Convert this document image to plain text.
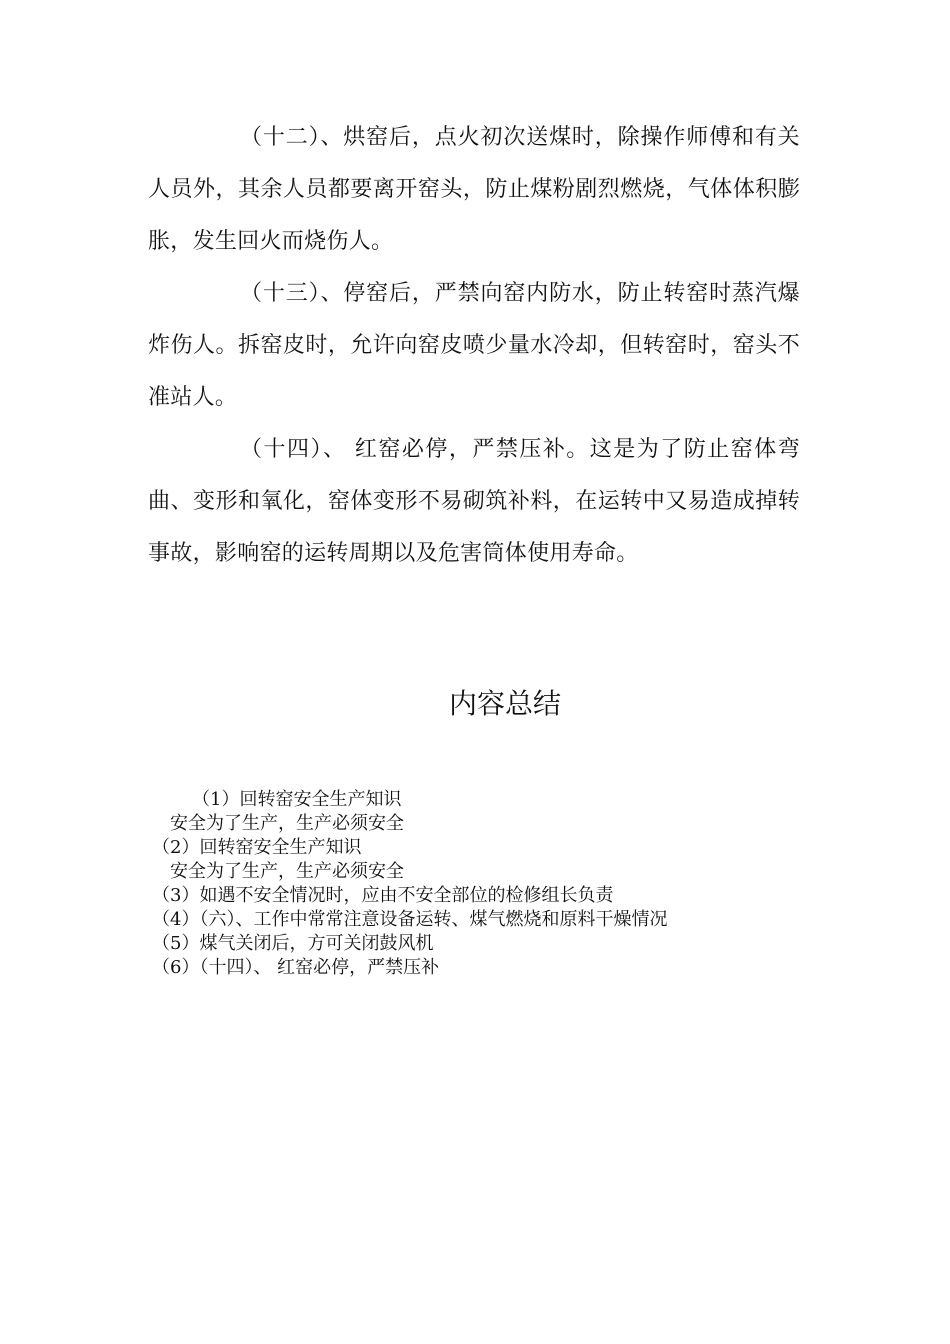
（十二）、烘窑后，点火初次送煤时，除操作师傅和有关人员外，其余人员都要离开窑头，防止煤粉剧烈燃烧，气体体积膨胀，发生回火而烧伤人。

（十三）、停窑后，严禁向窑内防水，防止转窑时蒸汽爆炸伤人。拆窑皮时，允许向窑皮喷少量水冷却，但转窑时，窑头不准站人。

（十四）、 红窑必停，严禁压补。这是为了防止窑体弯曲、变形和氧化，窑体变形不易砌筑补料，在运转中又易造成掉转事故，影响窑的运转周期以及危害筒体使用寿命。

内容总结
（1）回转窑安全生产知识
安全为了生产，生产必须安全
（2）回转窑安全生产知识
安全为了生产，生产必须安全
（3）如遇不安全情况时，应由不安全部位的检修组长负责
（4）（六）、工作中常常注意设备运转、煤气燃烧和原料干燥情况
（5）煤气关闭后，方可关闭鼓风机
（6）（十四）、 红窑必停，严禁压补
